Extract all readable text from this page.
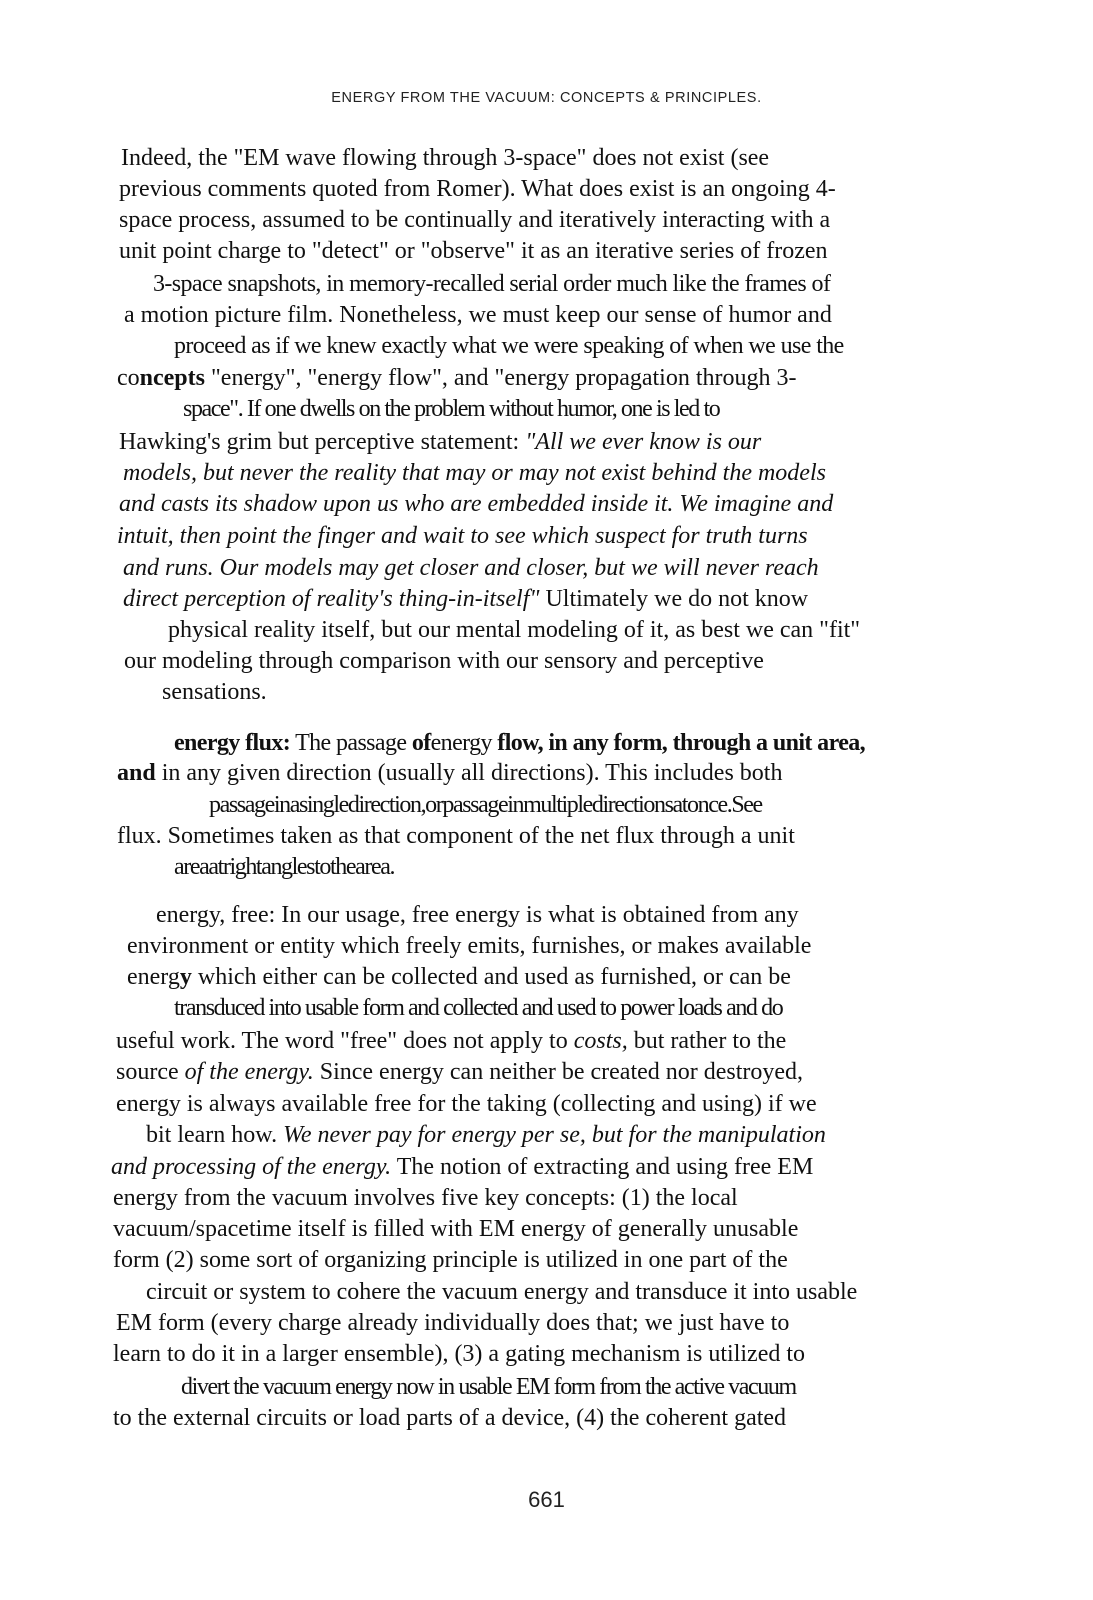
ENERGY FROM THE VACUUM: CONCEPTS & PRINCIPLES.
Indeed, the "EM wave flowing through 3-space" does not exist (see
previous comments quoted from Romer). What does exist is an ongoing 4-
space process, assumed to be continually and iteratively interacting with a
unit point charge to "detect" or "observe" it as an iterative series of frozen
3-space snapshots, in memory-recalled serial order much like the frames of
a motion picture film. Nonetheless, we must keep our sense of humor and
proceed as if we knew exactly what we were speaking of when we use the
concepts "energy", "energy flow", and "energy propagation through 3-
space". If one dwells on the problem without humor, one is led to
Hawking's grim but perceptive statement: "All we ever know is our
models, but never the reality that may or may not exist behind the models
and casts its shadow upon us who are embedded inside it. We imagine and
intuit, then point the finger and wait to see which suspect for truth turns
and runs. Our models may get closer and closer, but we will never reach
direct perception of reality's thing-in-itself" Ultimately we do not know
physical reality itself, but our mental modeling of it, as best we can "fit"
our modeling through comparison with our sensory and perceptive
sensations.
energy flux: The passage ofenergy flow, in any form, through a unit area,
and in any given direction (usually all directions). This includes both
passageinasingledirection,orpassageinmultipledirectionsatonce.See
flux. Sometimes taken as that component of the net flux through a unit
areaatrightanglestothearea.
energy, free: In our usage, free energy is what is obtained from any
environment or entity which freely emits, furnishes, or makes available
energy which either can be collected and used as furnished, or can be
transduced into usable form and collected and used to power loads and do
useful work. The word "free" does not apply to costs, but rather to the
source of the energy. Since energy can neither be created nor destroyed,
energy is always available free for the taking (collecting and using) if we
bit learn how. We never pay for energy per se, but for the manipulation
and processing of the energy. The notion of extracting and using free EM
energy from the vacuum involves five key concepts: (1) the local
vacuum/spacetime itself is filled with EM energy of generally unusable
form (2) some sort of organizing principle is utilized in one part of the
circuit or system to cohere the vacuum energy and transduce it into usable
EM form (every charge already individually does that; we just have to
learn to do it in a larger ensemble), (3) a gating mechanism is utilized to
divert the vacuum energy now in usable EM form from the active vacuum
to the external circuits or load parts of a device, (4) the coherent gated
661
